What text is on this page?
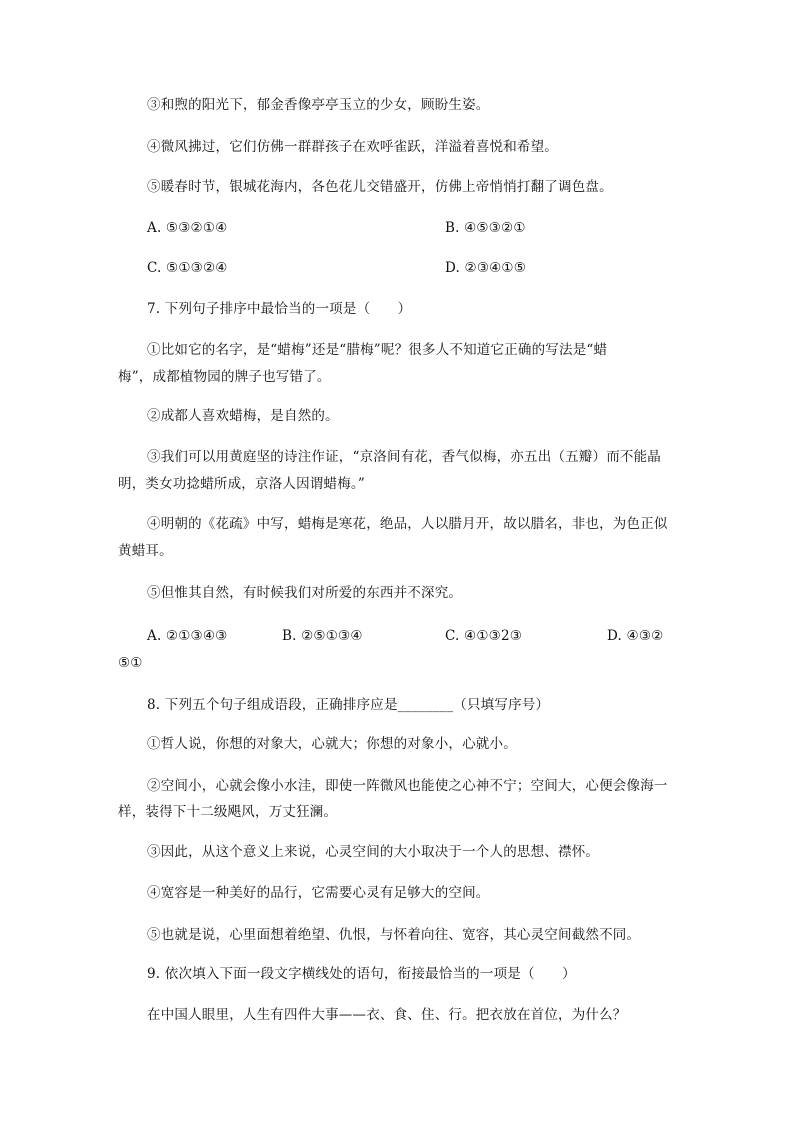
③和煦的阳光下，郁金香像亭亭玉立的少女，顾盼生姿。
④微风拂过，它们仿佛一群群孩子在欢呼雀跃，洋溢着喜悦和希望。
⑤暖春时节，银城花海内，各色花儿交错盛开，仿佛上帝悄悄打翻了调色盘。
A. ⑤③②①④	B. ④⑤③②①
C. ⑤①③②④	D. ②③④①⑤
7. 下列句子排序中最恰当的一项是（　　）
①比如它的名字，是“蜡梅”还是“腊梅”呢？很多人不知道它正确的写法是“蜡
梅”，成都植物园的牌子也写错了。
②成都人喜欢蜡梅，是自然的。
③我们可以用黄庭坚的诗注作证，“京洛间有花，香气似梅，亦五出（五瓣）而不能晶
明，类女功捻蜡所成，京洛人因谓蜡梅。”
④明朝的《花疏》中写，蜡梅是寒花，绝品，人以腊月开，故以腊名，非也，为色正似
黄蜡耳。
⑤但惟其自然，有时候我们对所爱的东西并不深究。
A. ②①③④③	B. ②⑤①③④	C. ④①③2③	D. ④③②
⑤①
8. 下列五个句子组成语段，正确排序应是________（只填写序号）
①哲人说，你想的对象大，心就大；你想的对象小，心就小。
②空间小，心就会像小水洼，即使一阵微风也能使之心神不宁；空间大，心便会像海一
样，装得下十二级飓风，万丈狂澜。
③因此，从这个意义上来说，心灵空间的大小取决于一个人的思想、襟怀。
④宽容是一种美好的品行，它需要心灵有足够大的空间。
⑤也就是说，心里面想着绝望、仇恨，与怀着向往、宽容，其心灵空间截然不同。
9. 依次填入下面一段文字横线处的语句，衔接最恰当的一项是（　　）
在中国人眼里，人生有四件大事——衣、食、住、行。把衣放在首位，为什么？
